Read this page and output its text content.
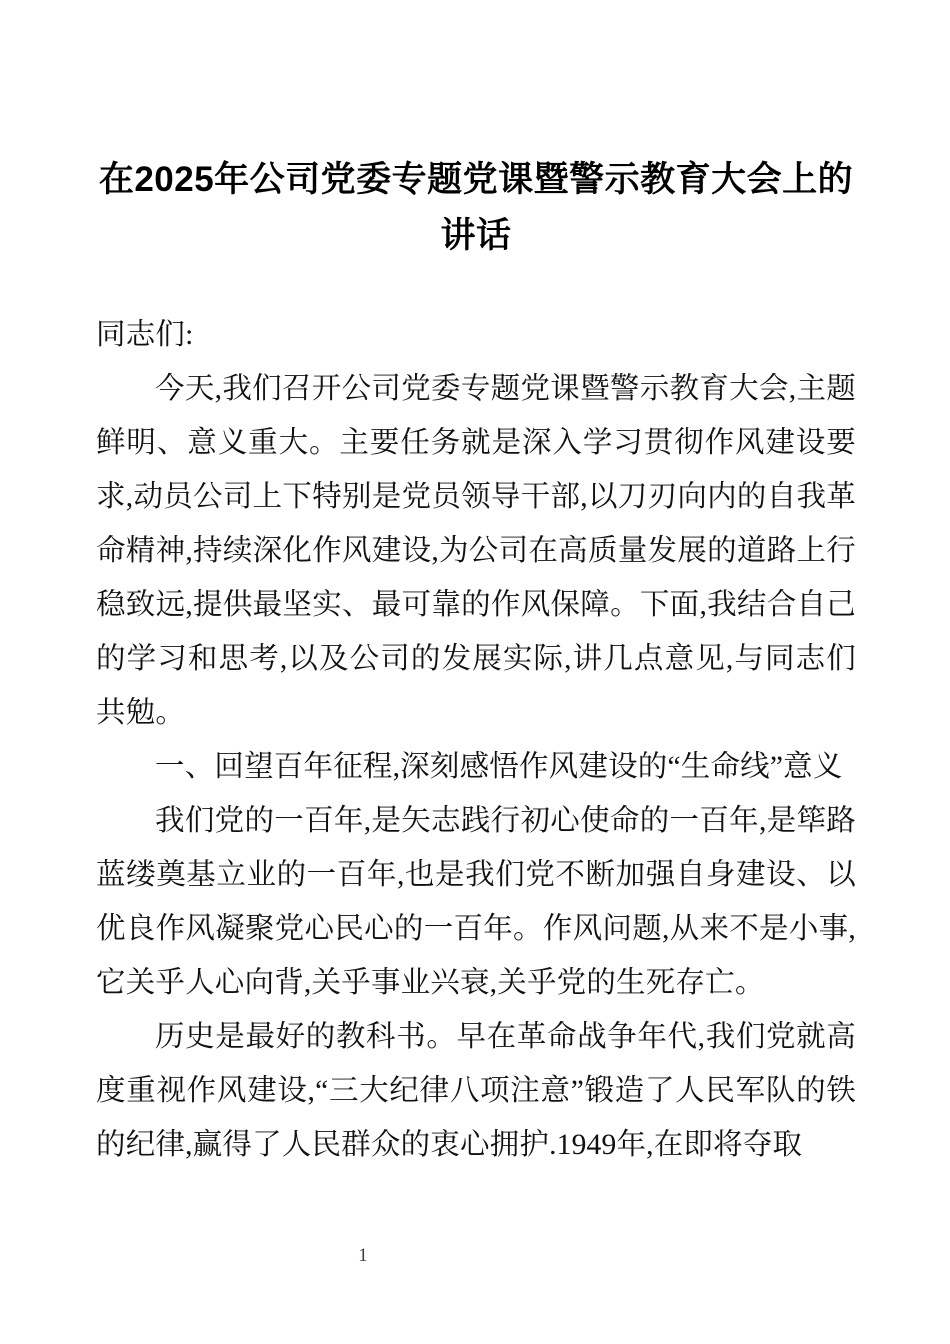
在2025年公司党委专题党课暨警示教育大会上的讲话

同志们:

今天,我们召开公司党委专题党课暨警示教育大会,主题鲜明、意义重大。主要任务就是深入学习贯彻作风建设要求,动员公司上下特别是党员领导干部,以刀刃向内的自我革命精神,持续深化作风建设,为公司在高质量发展的道路上行稳致远,提供最坚实、最可靠的作风保障。下面,我结合自己的学习和思考,以及公司的发展实际,讲几点意见,与同志们共勉。

一、回望百年征程,深刻感悟作风建设的“生命线”意义

我们党的一百年,是矢志践行初心使命的一百年,是筚路蓝缕奠基立业的一百年,也是我们党不断加强自身建设、以优良作风凝聚党心民心的一百年。作风问题,从来不是小事,它关乎人心向背,关乎事业兴衰,关乎党的生死存亡。

历史是最好的教科书。早在革命战争年代,我们党就高度重视作风建设,“三大纪律八项注意”锻造了人民军队的铁的纪律,赢得了人民群众的衷心拥护.1949年,在即将夺取

1
